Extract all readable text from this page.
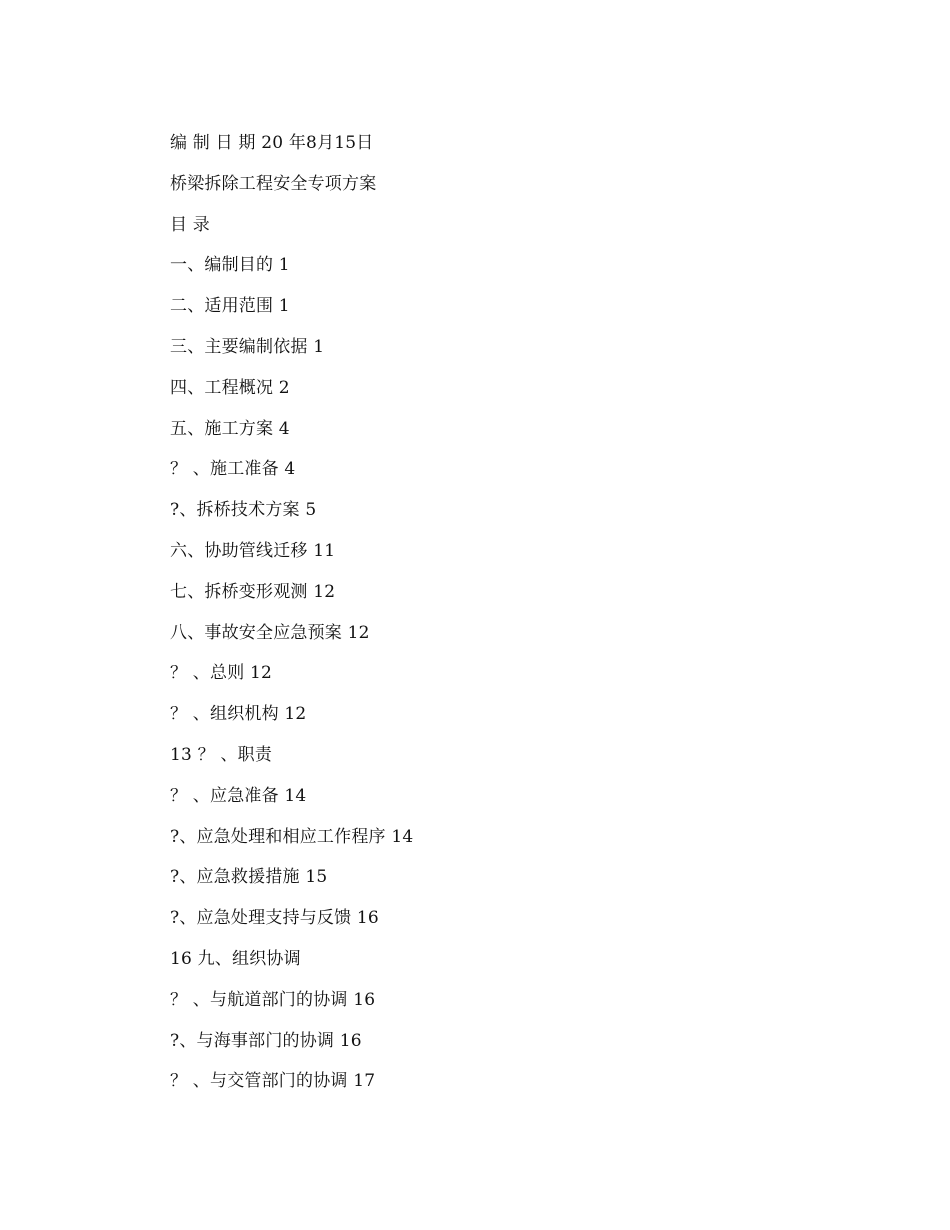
编 制 日 期 20 年8月15日
桥梁拆除工程安全专项方案
目 录
一、编制目的 1
二、适用范围 1
三、主要编制依据 1
四、工程概况 2
五、施工方案 4
？ 、施工准备 4
?、拆桥技术方案 5
六、协助管线迁移 11
七、拆桥变形观测 12
八、事故安全应急预案 12
？ 、总则 12
？ 、组织机构 12
13 ？ 、职责
？ 、应急准备 14
?、应急处理和相应工作程序 14
?、应急救援措施 15
?、应急处理支持与反馈 16
16 九、组织协调
？ 、与航道部门的协调 16
?、与海事部门的协调 16
？ 、与交管部门的协调 17
